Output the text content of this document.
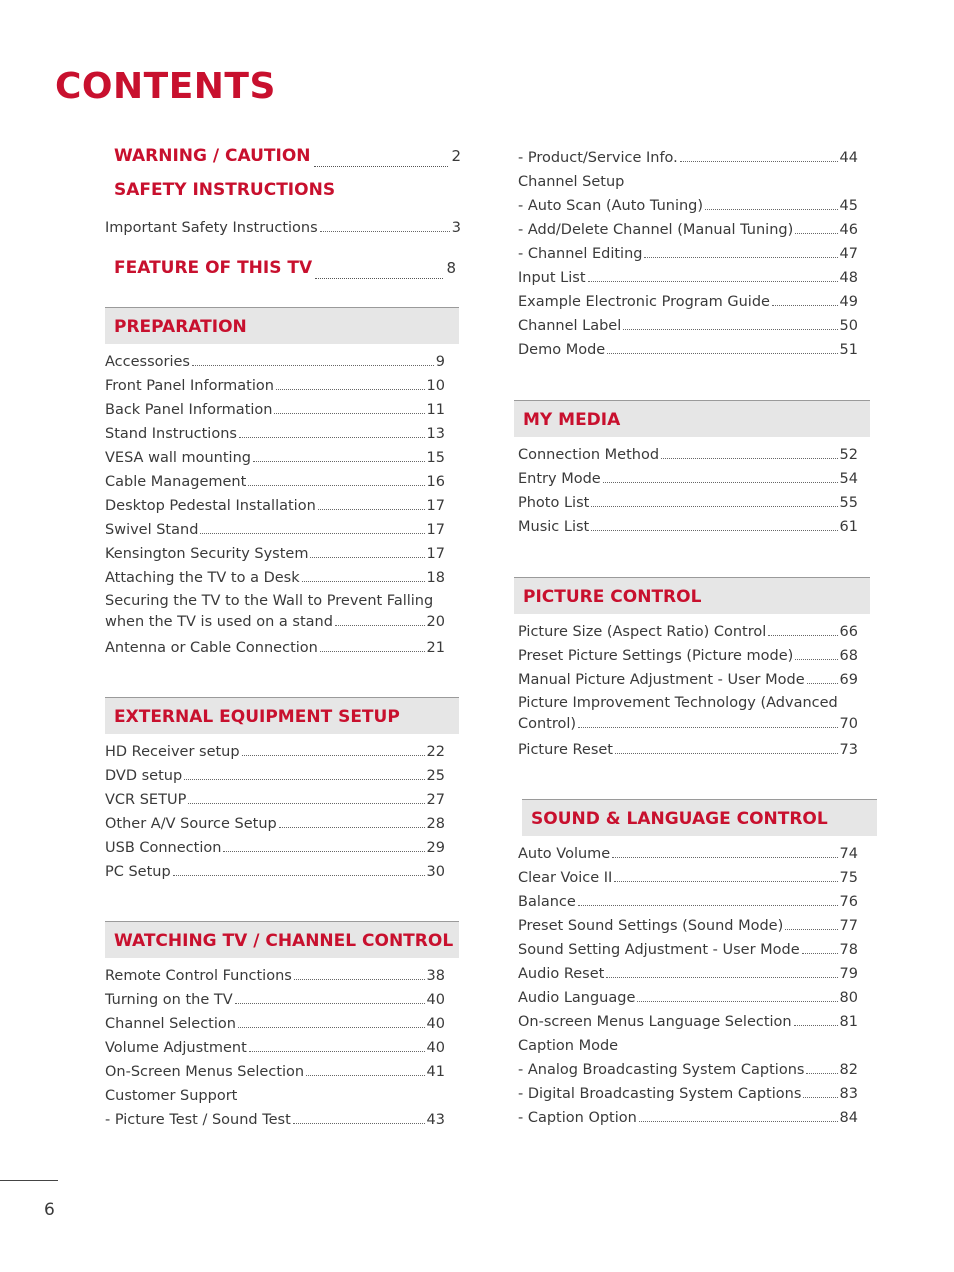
CONTENTS
WARNING / CAUTION	2
SAFETY INSTRUCTIONS
Important Safety Instructions	3
FEATURE OF THIS TV	8
PREPARATION
Accessories	9
Front Panel Information	10
Back Panel Information	11
Stand Instructions	13
VESA wall mounting	15
Cable Management	16
Desktop Pedestal Installation	17
Swivel Stand	17
Kensington Security System	17
Attaching the TV to a Desk	18
Securing the TV to the Wall to Prevent Falling
when the TV is used on a stand	20
Antenna or Cable Connection	21
EXTERNAL EQUIPMENT SETUP
HD Receiver setup	22
DVD setup	25
VCR SETUP	27
Other A/V Source Setup	28
USB Connection	29
PC Setup	30
WATCHING TV / CHANNEL CONTROL
Remote Control Functions	38
Turning on the TV	40
Channel Selection	40
Volume Adjustment	40
On-Screen Menus Selection	41
Customer Support
- Picture Test / Sound Test	43
- Product/Service Info.	44
Channel Setup
- Auto Scan (Auto Tuning)	45
- Add/Delete Channel (Manual Tuning)	46
- Channel Editing	47
Input List	48
Example Electronic Program Guide	49
Channel Label	50
Demo Mode	51
MY MEDIA
Connection Method	52
Entry Mode	54
Photo List	55
Music List	61
PICTURE CONTROL
Picture Size (Aspect Ratio) Control	66
Preset Picture Settings (Picture mode)	68
Manual Picture Adjustment - User Mode 69
Picture Improvement Technology (Advanced
Control)	70
Picture Reset	73
SOUND & LANGUAGE CONTROL
Auto Volume	74
Clear Voice II	75
Balance	76
Preset Sound Settings (Sound Mode)	77
Sound Setting Adjustment - User Mode	78
Audio Reset	79
Audio Language	80
On-screen Menus Language Selection	81
Caption Mode
- Analog Broadcasting System Captions 82
- Digital Broadcasting System Captions	83
- Caption Option	84
6
